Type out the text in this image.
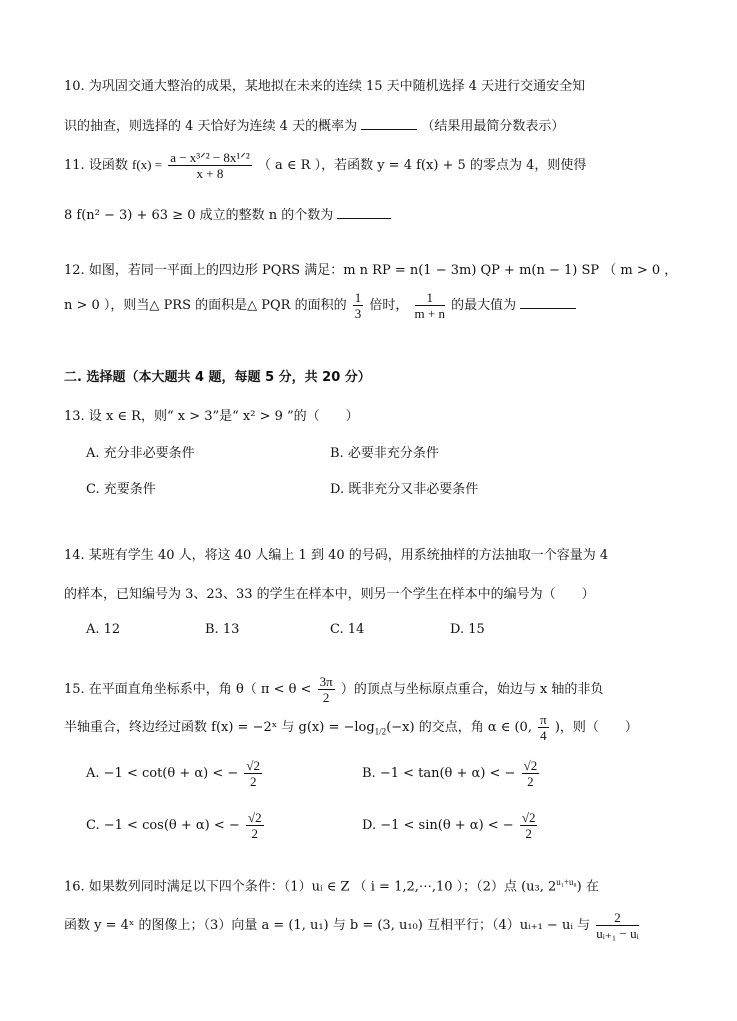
10. 为巩固交通大整治的成果，某地拟在未来的连续 15 天中随机选择 4 天进行交通安全知
识的抽查，则选择的 4 天恰好为连续 4 天的概率为	（结果用最简分数表示）
11. 设函数 $f(x) = \frac{\text{a − x³ᐟ² − 8x¹ᐟ²}}{x + 8}$ （ a ∈ R ），若函数 y = 4 f(x) + 5 的零点为 4，则使得
8 f(n² − 3) + 63 ≥ 0 成立的整数 n 的个数为
12. 如图，若同一平面上的四边形 PQRS 满足：m n RP = n(1 − 3m) QP + m(n − 1) SP （ m > 0 ，
n > 0 ），则当△ PRS 的面积是△ PQR 的面积的 $\frac{1}{3}$ 倍时， $\frac{1}{m + n}$ 的最大值为
二. 选择题（本大题共 4 题，每题 5 分，共 20 分）
13. 设 x ∈ R，则“ x > 3”是“ x² > 9 ”的（　　）
A. 充分非必要条件	B. 必要非充分条件
C. 充要条件	D. 既非充分又非必要条件
14. 某班有学生 40 人，将这 40 人编上 1 到 40 的号码，用系统抽样的方法抽取一个容量为 4
的样本，已知编号为 3、23、33 的学生在样本中，则另一个学生在样本中的编号为（　　）
A. 12	B. 13	C. 14	D. 15
15. 在平面直角坐标系中，角 θ（ $\pi < \theta < \frac{3\pi}{2}$ ）的顶点与坐标原点重合，始边与 x 轴的非负
半轴重合，终边经过函数 f(x) = −2ˣ 与 $g(x) = -\log_{1/2}(-x)$ 的交点，角 α ∈ (0, $\frac{\pi}{4}$ )，则（　　）
A. −1 < cot(θ + α) < − $\frac{√2}{2}$	B. −1 < tan(θ + α) < − $\frac{√2}{2}$
C. −1 < cos(θ + α) < − $\frac{√2}{2}$	D. −1 < sin(θ + α) < − $\frac{√2}{2}$
16. 如果数列同时满足以下四个条件：（1）uᵢ ∈ Z （ i = 1,2,⋯,10 ）；（2）点 (u₃, $2^{u_1+u_8}$) 在
函数 y = 4ˣ 的图像上；（3）向量 a = (1, u₁) 与 b = (3, u₁₀) 互相平行；（4）uᵢ₊₁ − uᵢ 与 $\frac{2}{\text{uᵢ₊₁ − uᵢ}}$
